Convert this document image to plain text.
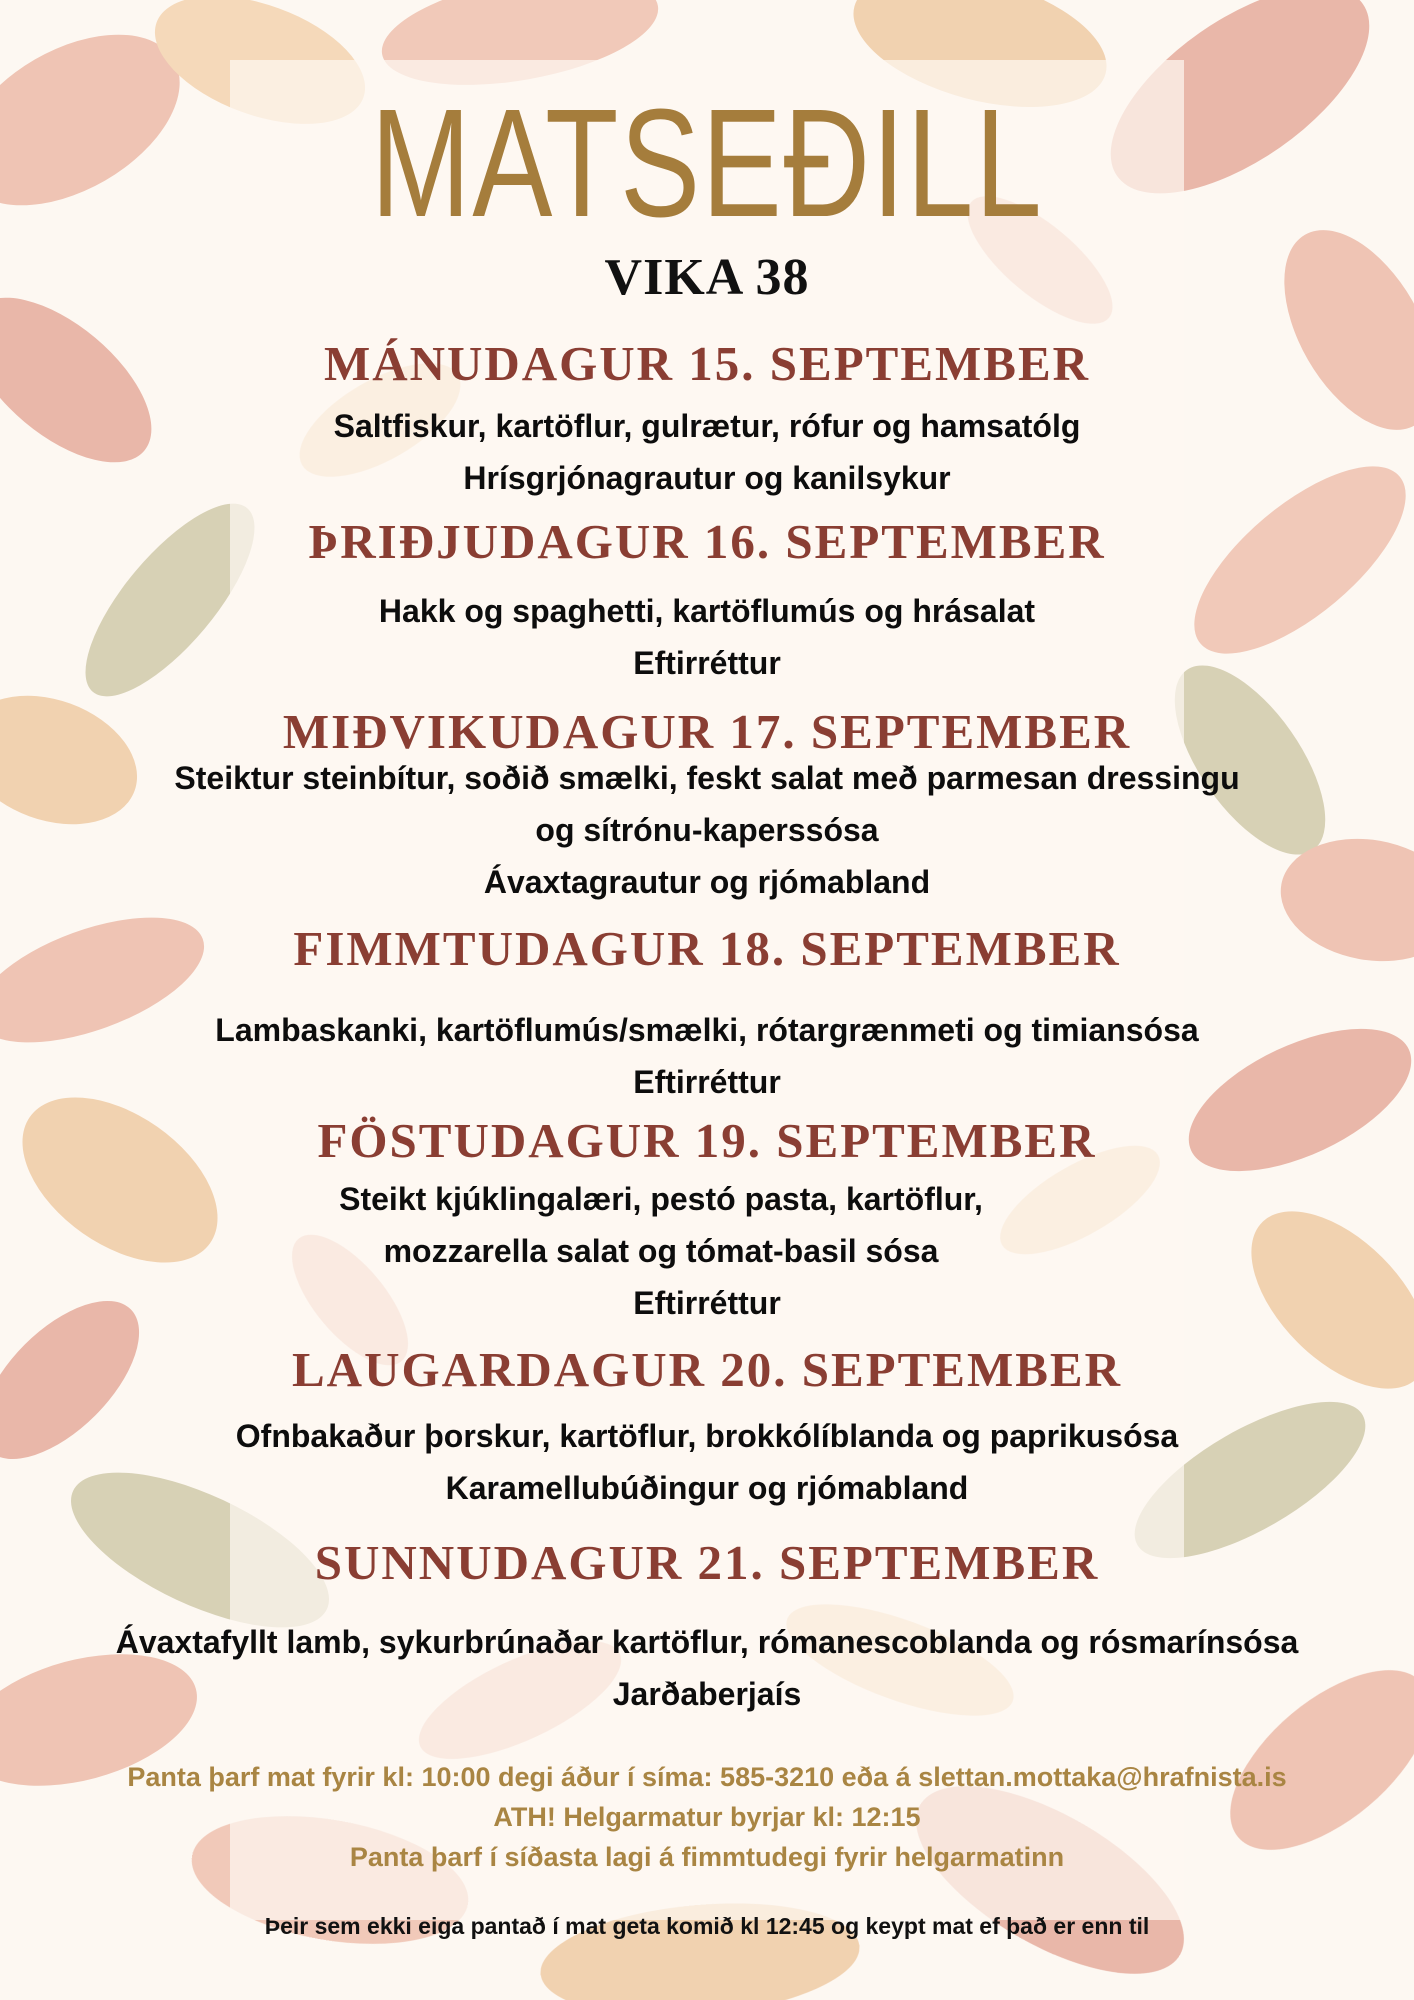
MATSEÐILL
VIKA 38
MÁNUDAGUR 15. SEPTEMBER
Saltfiskur, kartöflur, gulrætur, rófur og hamsatólg
Hrísgrjónagrautur og kanilsykur
ÞRIÐJUDAGUR 16. SEPTEMBER
Hakk og spaghetti, kartöflumús og hrásalat
Eftirréttur
MIÐVIKUDAGUR 17. SEPTEMBER
Steiktur steinbítur, soðið smælki, feskt salat með parmesan dressingu
og sítrónu-kaperssósa
Ávaxtagrautur og rjómabland
FIMMTUDAGUR 18. SEPTEMBER
Lambaskanki, kartöflumús/smælki, rótargrænmeti og timiansósa
Eftirréttur
FÖSTUDAGUR 19. SEPTEMBER
Steikt kjúklingalæri, pestó pasta, kartöflur,
mozzarella salat og tómat-basil sósa
Eftirréttur
LAUGARDAGUR 20. SEPTEMBER
Ofnbakaður þorskur, kartöflur, brokkólíblanda og paprikusósa
Karamellubúðingur og rjómabland
SUNNUDAGUR 21. SEPTEMBER
Ávaxtafyllt lamb, sykurbrúnaðar kartöflur, rómanescoblanda og rósmarínsósa
Jarðaberjaís
Panta þarf mat fyrir kl: 10:00 degi áður í síma: 585-3210 eða á slettan.mottaka@hrafnista.is
ATH! Helgarmatur byrjar kl: 12:15
Panta þarf í síðasta lagi á fimmtudegi fyrir helgarmatinn
Þeir sem ekki eiga pantað í mat geta komið kl 12:45 og keypt mat ef það er enn til
